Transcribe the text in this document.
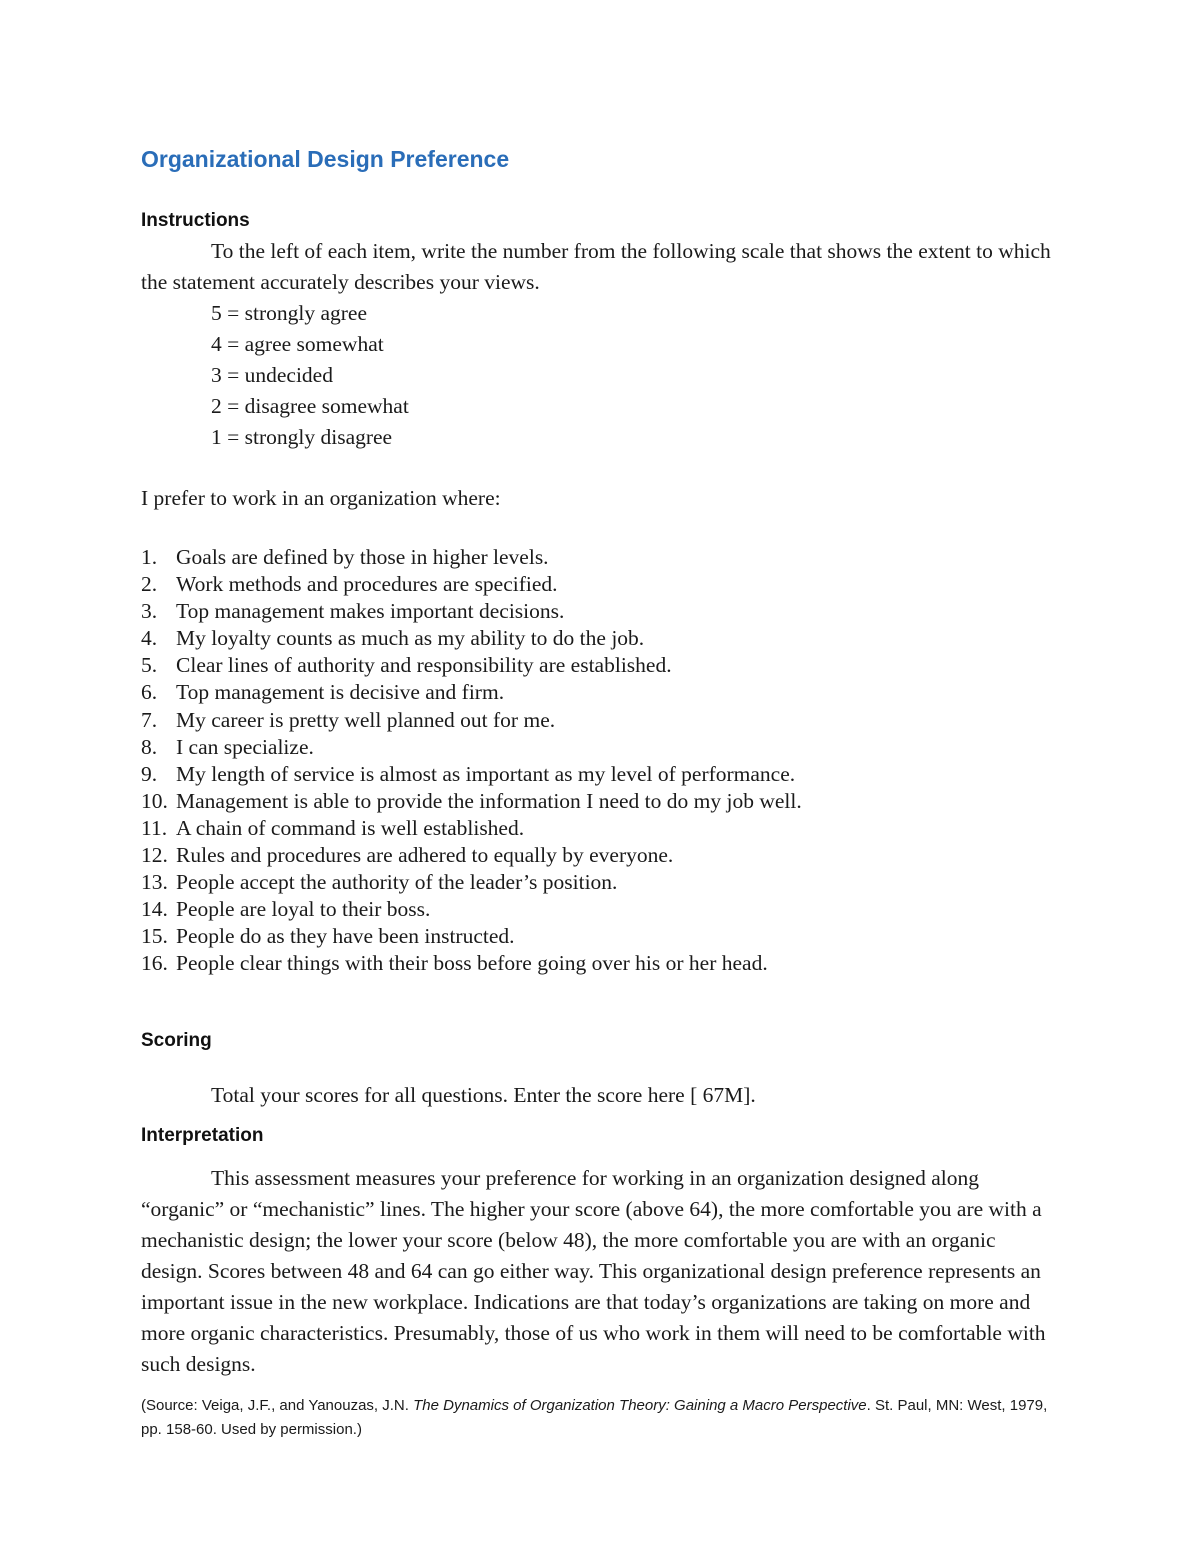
Organizational Design Preference
Instructions

To the left of each item, write the number from the following scale that shows the extent to which the statement accurately describes your views.

5 = strongly agree
4 = agree somewhat
3 = undecided
2 = disagree somewhat
1 = strongly disagree

I prefer to work in an organization where:

1. Goals are defined by those in higher levels.
2. Work methods and procedures are specified.
3. Top management makes important decisions.
4. My loyalty counts as much as my ability to do the job.
5. Clear lines of authority and responsibility are established.
6. Top management is decisive and firm.
7. My career is pretty well planned out for me.
8. I can specialize.
9. My length of service is almost as important as my level of performance.
10. Management is able to provide the information I need to do my job well.
11. A chain of command is well established.
12. Rules and procedures are adhered to equally by everyone.
13. People accept the authority of the leader’s position.
14. People are loyal to their boss.
15. People do as they have been instructed.
16. People clear things with their boss before going over his or her head.
Scoring

Total your scores for all questions. Enter the score here [ 67M].

Interpretation

This assessment measures your preference for working in an organization designed along “organic” or “mechanistic” lines. The higher your score (above 64), the more comfortable you are with a mechanistic design; the lower your score (below 48), the more comfortable you are with an organic design. Scores between 48 and 64 can go either way. This organizational design preference represents an important issue in the new workplace. Indications are that today’s organizations are taking on more and more organic characteristics. Presumably, those of us who work in them will need to be comfortable with such designs.

(Source: Veiga, J.F., and Yanouzas, J.N. The Dynamics of Organization Theory: Gaining a Macro Perspective. St. Paul, MN: West, 1979, pp. 158-60. Used by permission.)
